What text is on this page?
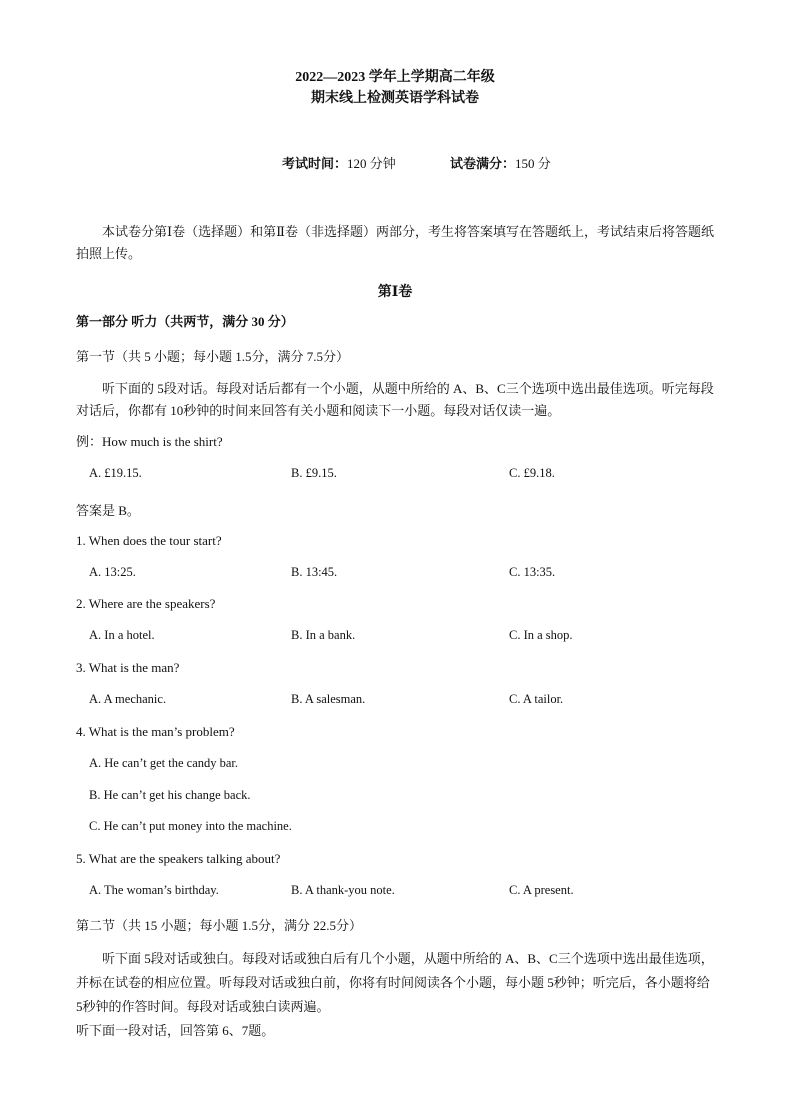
2022—2023 学年上学期高二年级
期末线上检测英语学科试卷
考试时间：120 分钟	试卷满分：150 分
本试卷分第Ⅰ卷（选择题）和第Ⅱ卷（非选择题）两部分，考生将答案填写在答题纸上，考试结束后将答题纸拍照上传。
第Ⅰ卷
第一部分 听力（共两节，满分 30 分）
第一节（共 5 小题；每小题 1.5分，满分 7.5分）
听下面的 5段对话。每段对话后都有一个小题，从题中所给的 A、B、C三个选项中选出最佳选项。听完每段对话后，你都有 10秒钟的时间来回答有关小题和阅读下一小题。每段对话仅读一遍。
例：How much is the shirt?
A. £19.15.	B. £9.15.	C. £9.18.
答案是 B。
1. When does the tour start?
A. 13:25.	B. 13:45.	C. 13:35.
2. Where are the speakers?
A. In a hotel.	B. In a bank.	C. In a shop.
3. What is the man?
A. A mechanic.	B. A salesman.	C. A tailor.
4. What is the man’s problem?
A. He can’t get the candy bar.
B. He can’t get his change back.
C. He can’t put money into the machine.
5. What are the speakers talking about?
A. The woman’s birthday.	B. A thank-you note.	C. A present.
第二节（共 15 小题；每小题 1.5分，满分 22.5分）
听下面 5段对话或独白。每段对话或独白后有几个小题，从题中所给的 A、B、C三个选项中选出最佳选项，并标在试卷的相应位置。听每段对话或独白前，你将有时间阅读各个小题，每小题 5秒钟；听完后，各小题将给 5秒钟的作答时间。每段对话或独白读两遍。
听下面一段对话，回答第 6、7题。
